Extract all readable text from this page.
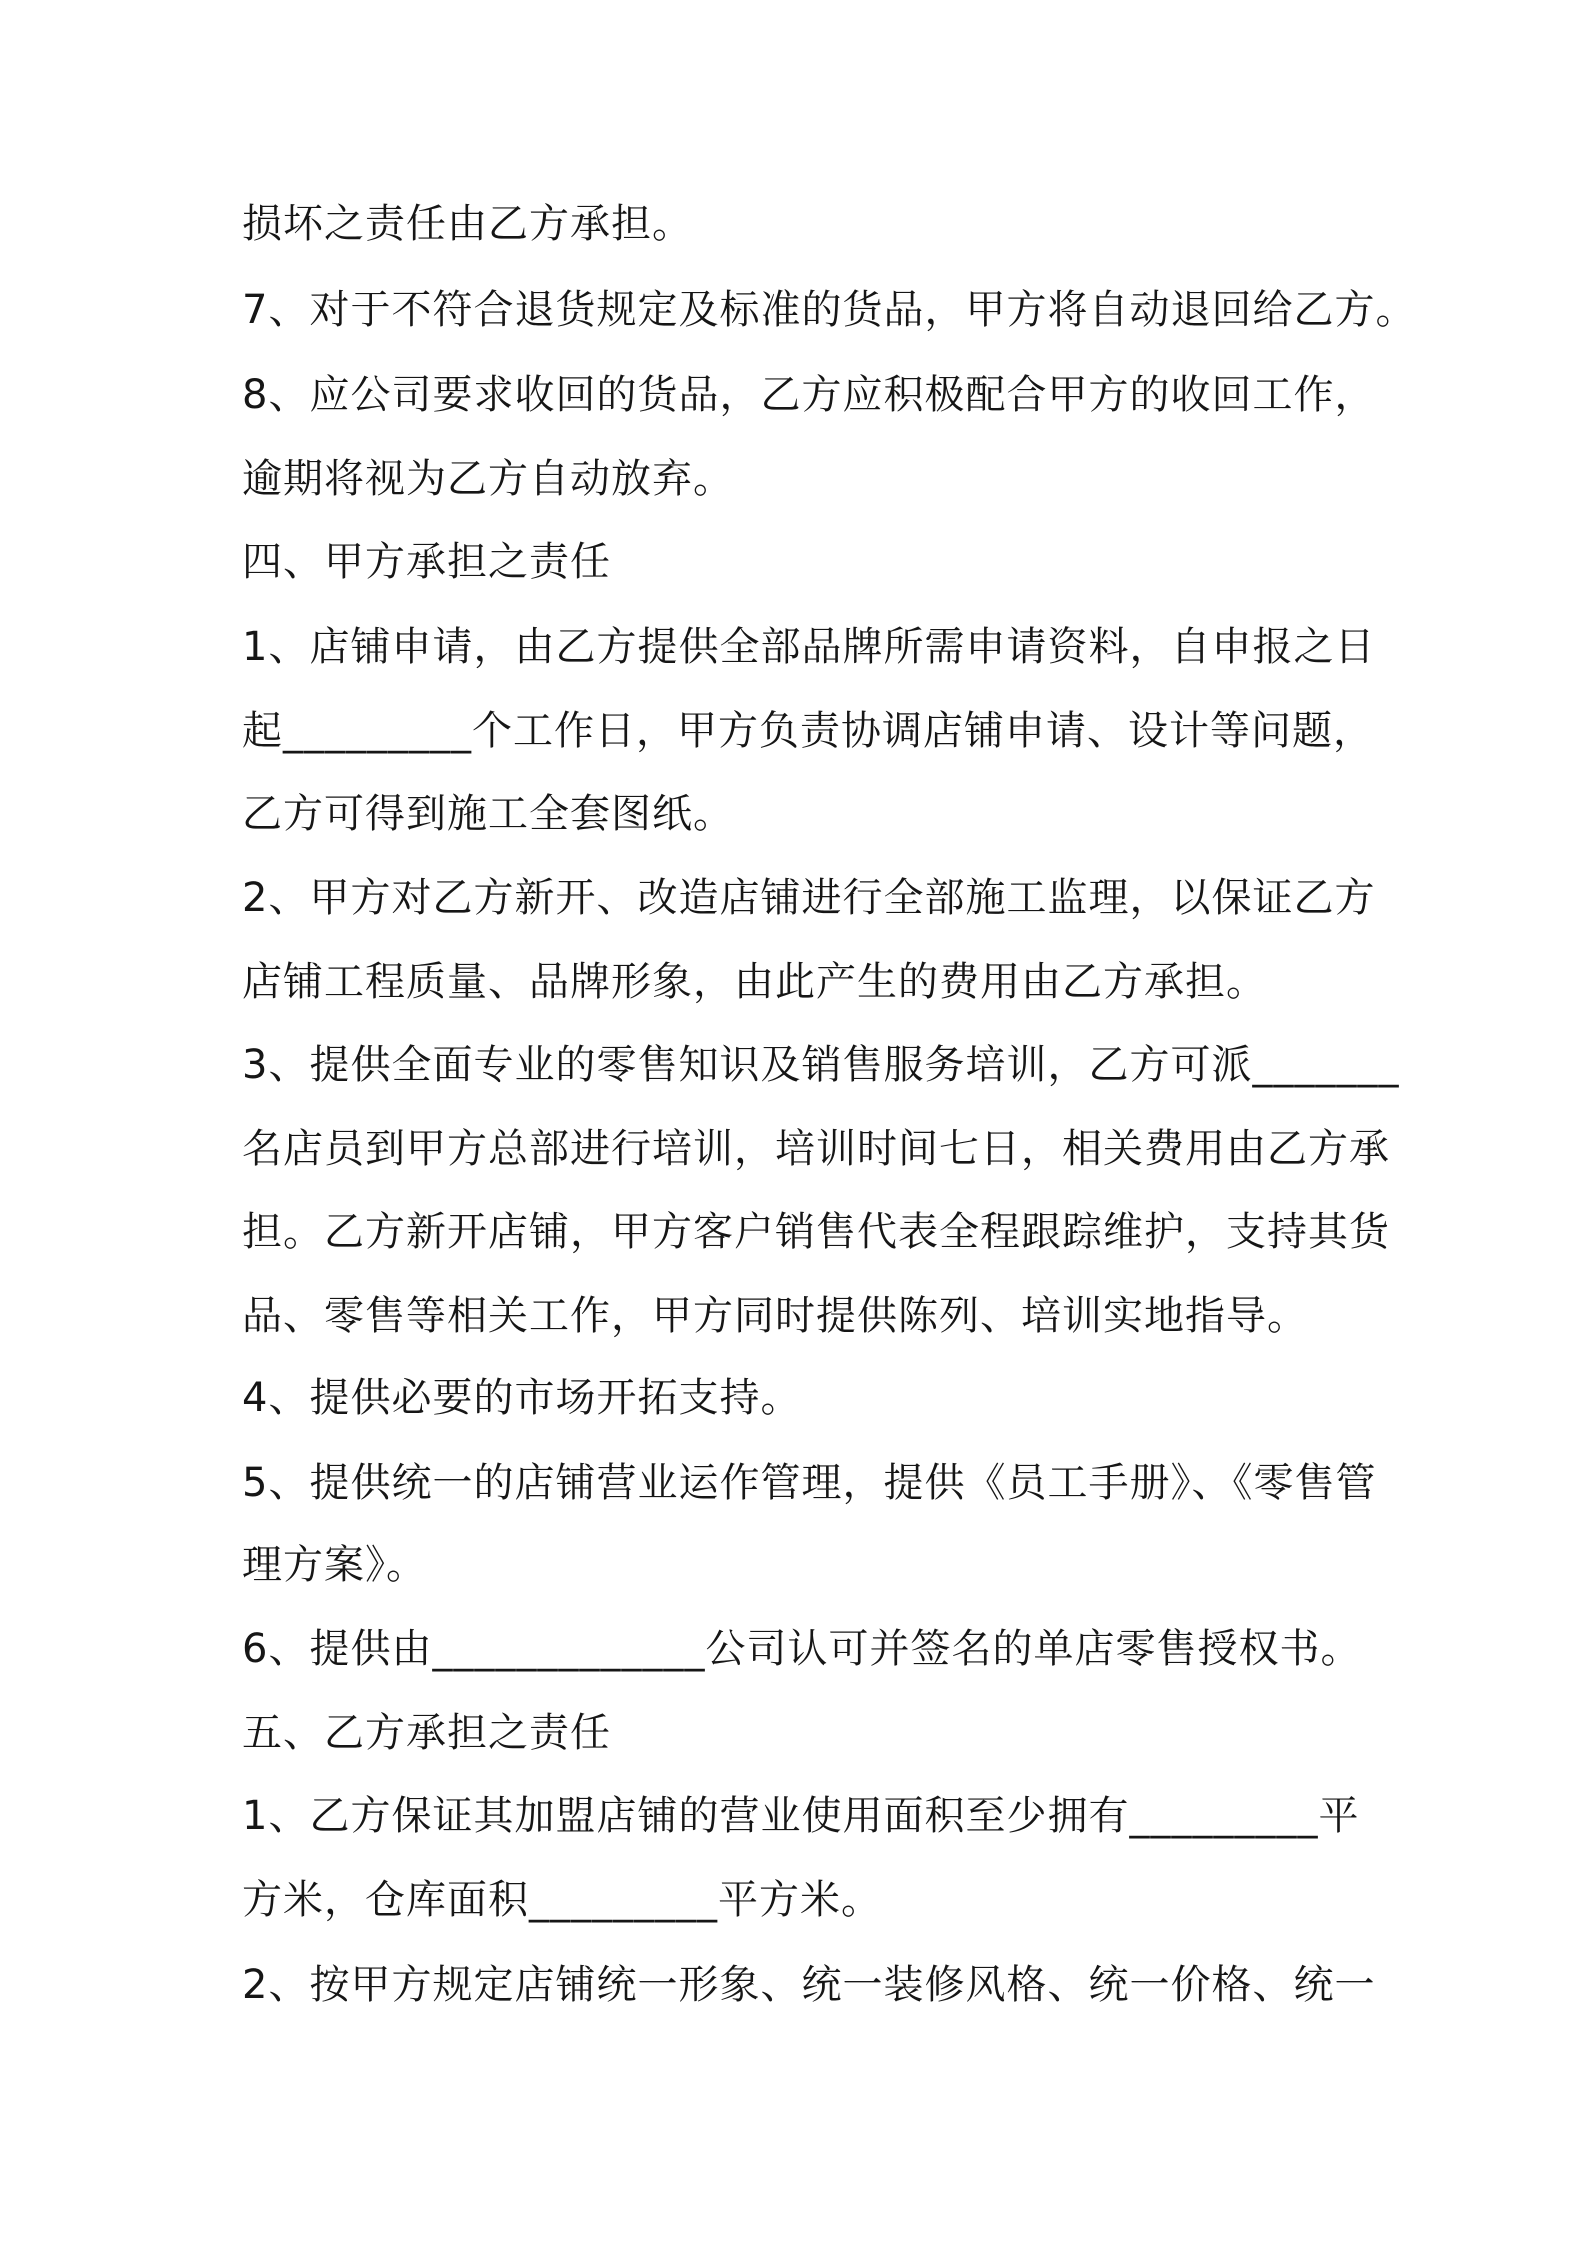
损坏之责任由乙方承担。
7、对于不符合退货规定及标准的货品，甲方将自动退回给乙方。
8、应公司要求收回的货品，乙方应积极配合甲方的收回工作，
逾期将视为乙方自动放弃。
四、甲方承担之责任
1、店铺申请，由乙方提供全部品牌所需申请资料，自申报之日
起_________个工作日，甲方负责协调店铺申请、设计等问题，
乙方可得到施工全套图纸。
2、甲方对乙方新开、改造店铺进行全部施工监理，以保证乙方
店铺工程质量、品牌形象，由此产生的费用由乙方承担。
3、提供全面专业的零售知识及销售服务培训，乙方可派_______
名店员到甲方总部进行培训，培训时间七日，相关费用由乙方承
担。乙方新开店铺，甲方客户销售代表全程跟踪维护，支持其货
品、零售等相关工作，甲方同时提供陈列、培训实地指导。
4、提供必要的市场开拓支持。
5、提供统一的店铺营业运作管理，提供《员工手册》、《零售管
理方案》。
6、提供由_____________公司认可并签名的单店零售授权书。
五、乙方承担之责任
1、乙方保证其加盟店铺的营业使用面积至少拥有_________平
方米，仓库面积_________平方米。
2、按甲方规定店铺统一形象、统一装修风格、统一价格、统一
